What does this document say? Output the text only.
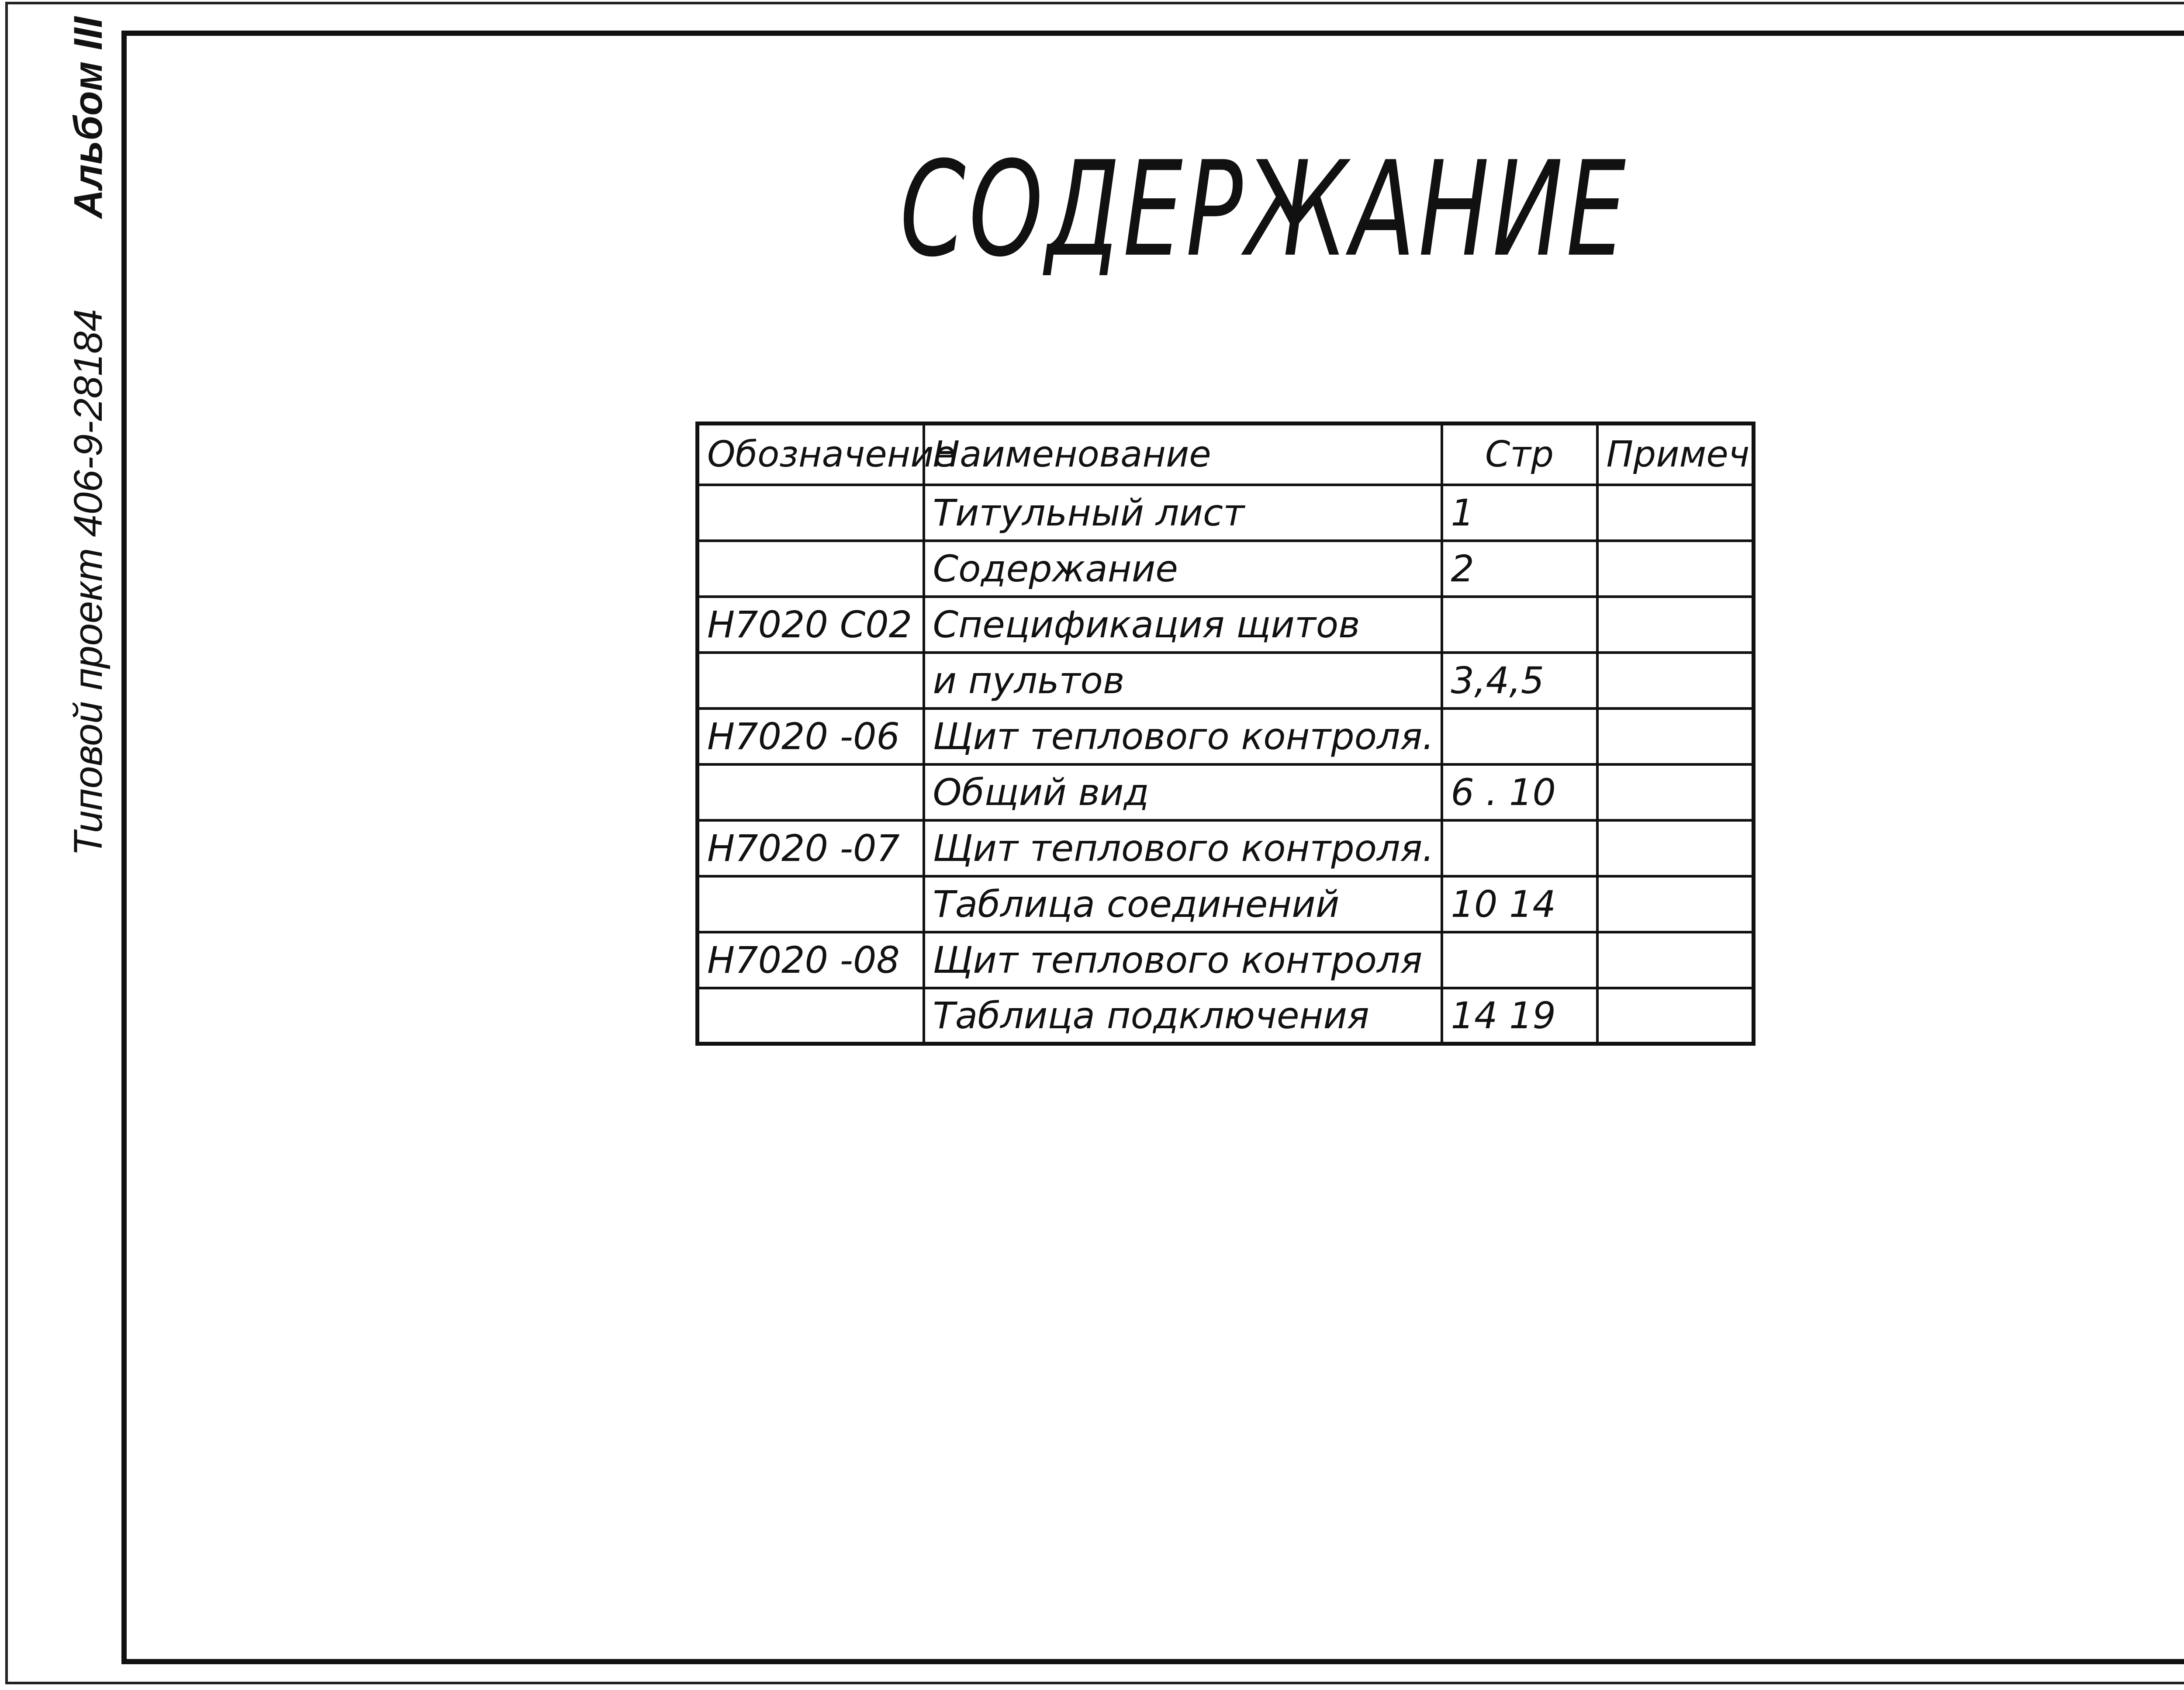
Альбом III
Типовой проект 406-9-28184
СОДЕРЖАНИЕ
Обозначение	Наименование	Стр	Примеч
	Титульный лист	1	
	Содержание	2	
Н7020 С02	Спецификация щитов		
	и пультов	3,4,5	
Н7020 -06	Щит теплового контроля.		
	Общий вид	6 . 10	
Н7020 -07	Щит теплового контроля.		
	Таблица соединений	10 14	
Н7020 -08	Щит теплового контроля		
	Таблица подключения	14 19	
